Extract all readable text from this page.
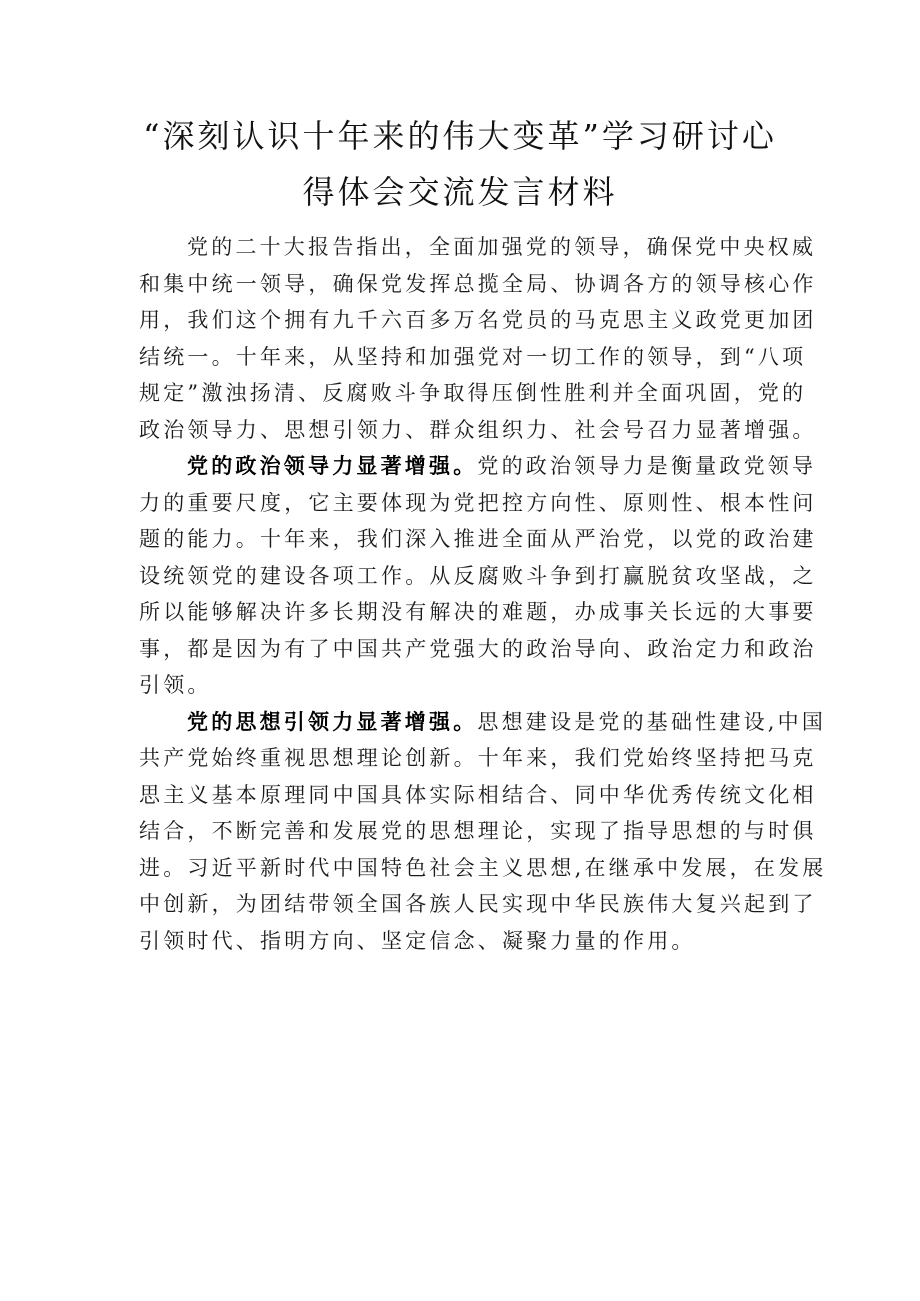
“深刻认识十年来的伟大变革”学习研讨心
得体会交流发言材料

党的二十大报告指出，全面加强党的领导，确保党中央权威
和集中统一领导，确保党发挥总揽全局、协调各方的领导核心作
用，我们这个拥有九千六百多万名党员的马克思主义政党更加团
结统一。十年来，从坚持和加强党对一切工作的领导，到“八项
规定”激浊扬清、反腐败斗争取得压倒性胜利并全面巩固，党的
政治领导力、思想引领力、群众组织力、社会号召力显著增强。

党的政治领导力显著增强。党的政治领导力是衡量政党领导
力的重要尺度，它主要体现为党把控方向性、原则性、根本性问
题的能力。十年来，我们深入推进全面从严治党，以党的政治建
设统领党的建设各项工作。从反腐败斗争到打赢脱贫攻坚战，之
所以能够解决许多长期没有解决的难题，办成事关长远的大事要
事，都是因为有了中国共产党强大的政治导向、政治定力和政治
引领。

党的思想引领力显著增强。思想建设是党的基础性建设,中国
共产党始终重视思想理论创新。十年来，我们党始终坚持把马克
思主义基本原理同中国具体实际相结合、同中华优秀传统文化相
结合，不断完善和发展党的思想理论，实现了指导思想的与时俱
进。习近平新时代中国特色社会主义思想,在继承中发展，在发展
中创新，为团结带领全国各族人民实现中华民族伟大复兴起到了
引领时代、指明方向、坚定信念、凝聚力量的作用。
